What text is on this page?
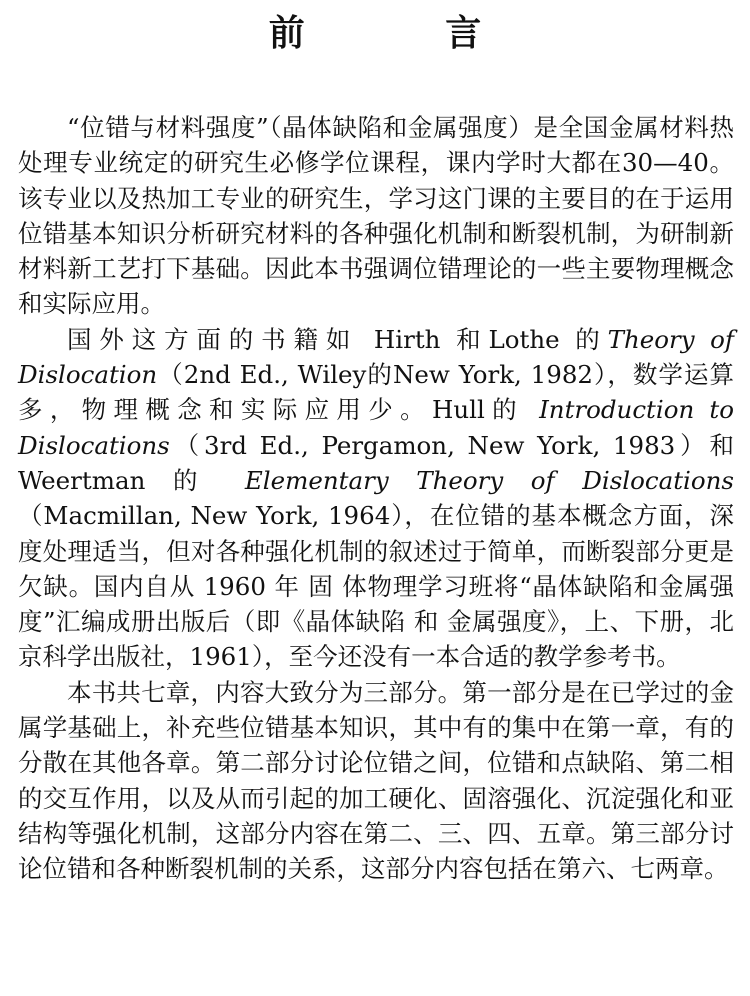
前 言

“位错与材料强度”（晶体缺陷和金属强度）是全国金属材料热处理专业统定的研究生必修学位课程，课内学时大都在30—40。该专业以及热加工专业的研究生，学习这门课的主要目的在于运用位错基本知识分析研究材料的各种强化机制和断裂机制，为研制新材料新工艺打下基础。因此本书强调位错理论的一些主要物理概念和实际应用。

国外这方面的书籍如 Hirth 和Lothe 的Theory of Dislocation（2nd Ed., Wiley的New York, 1982），数学运算多，物理概念和实际应用少。Hull的 Introduction to Dislocations（3rd Ed., Pergamon, New York, 1983）和 Weertman 的 Elementary Theory of Dislocations（Macmillan, New York, 1964），在位错的基本概念方面，深度处理适当，但对各种强化机制的叙述过于简单，而断裂部分更是欠缺。国内自从 1960 年 固 体物理学习班将“晶体缺陷和金属强度”汇编成册出版后（即《晶体缺陷 和 金属强度》，上、下册，北京科学出版社，1961），至今还没有一本合适的教学参考书。

本书共七章，内容大致分为三部分。第一部分是在已学过的金属学基础上，补充些位错基本知识，其中有的集中在第一章，有的分散在其他各章。第二部分讨论位错之间，位错和点缺陷、第二相的交互作用，以及从而引起的加工硬化、固溶强化、沉淀强化和亚结构等强化机制，这部分内容在第二、三、四、五章。第三部分讨论位错和各种断裂机制的关系，这部分内容包括在第六、七两章。
